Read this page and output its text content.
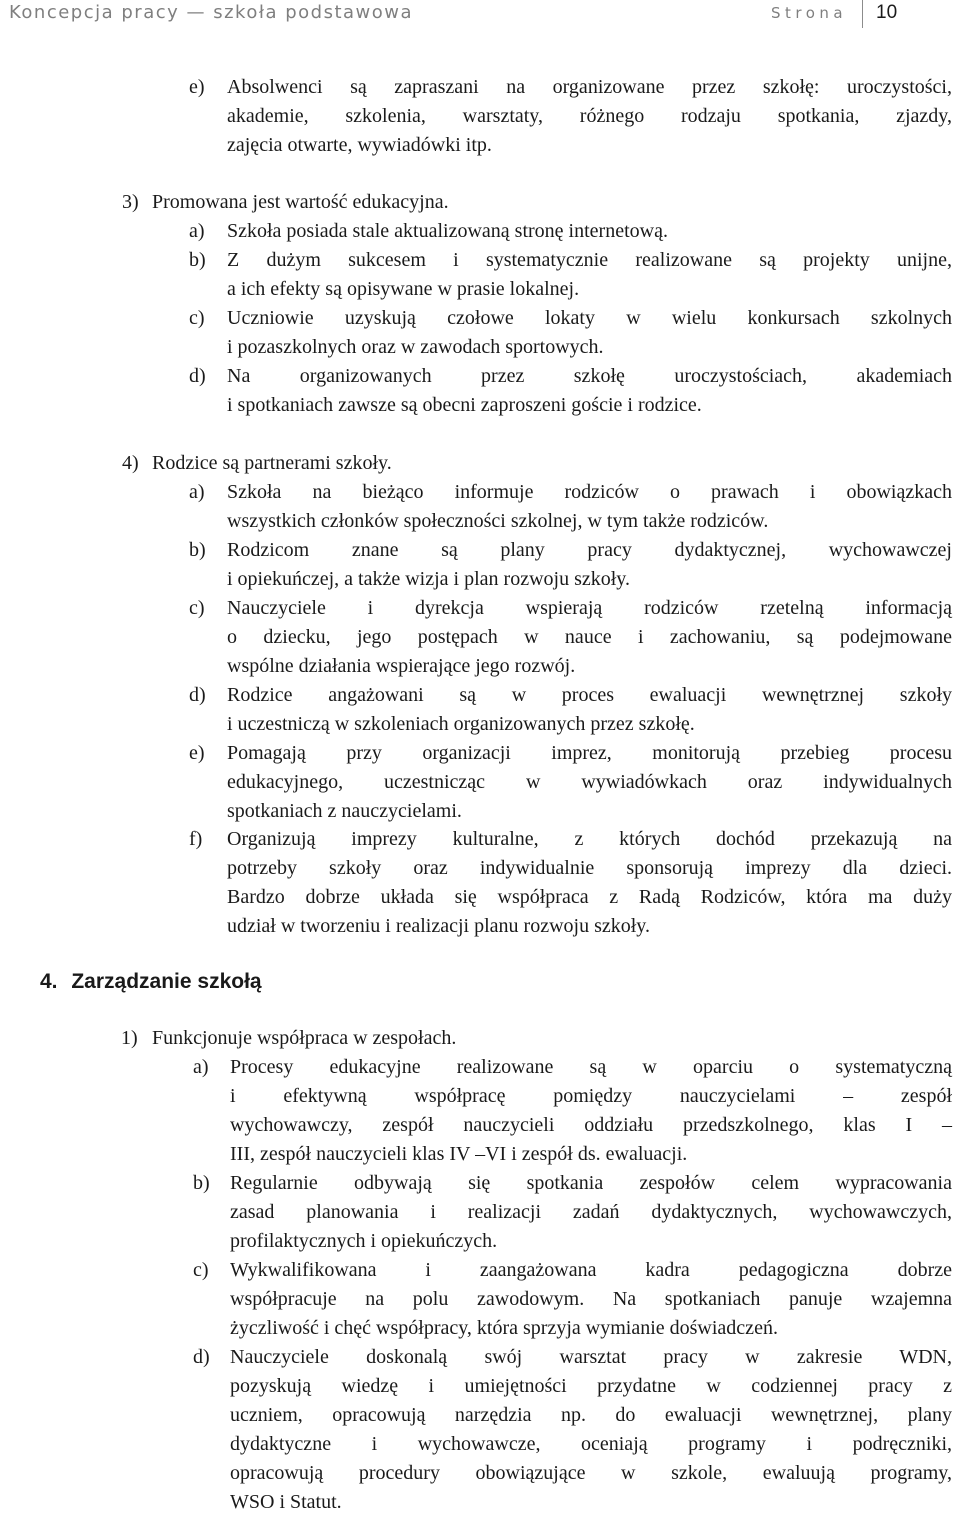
Koncepcja pracy — szkoła podstawowa	Strona 10
e) Absolwenci są zapraszani na organizowane przez szkołę: uroczystości,
akademie, szkolenia, warsztaty, różnego rodzaju spotkania, zjazdy,
zajęcia otwarte, wywiadówki itp.
3) Promowana jest wartość edukacyjna.
a) Szkoła posiada stale aktualizowaną stronę internetową.
b) Z dużym sukcesem i systematycznie realizowane są projekty unijne,
a ich efekty są opisywane w prasie lokalnej.
c) Uczniowie uzyskują czołowe lokaty w wielu konkursach szkolnych
i pozaszkolnych oraz w zawodach sportowych.
d) Na organizowanych przez szkołę uroczystościach, akademiach
i spotkaniach zawsze są obecni zaproszeni goście i rodzice.
4) Rodzice są partnerami szkoły.
a) Szkoła na bieżąco informuje rodziców o prawach i obowiązkach
wszystkich członków społeczności szkolnej, w tym także rodziców.
b) Rodzicom znane są plany pracy dydaktycznej, wychowawczej
i opiekuńczej, a także wizja i plan rozwoju szkoły.
c) Nauczyciele i dyrekcja wspierają rodziców rzetelną informacją
o dziecku, jego postępach w nauce i zachowaniu, są podejmowane
wspólne działania wspierające jego rozwój.
d) Rodzice angażowani są w proces ewaluacji wewnętrznej szkoły
i uczestniczą w szkoleniach organizowanych przez szkołę.
e) Pomagają przy organizacji imprez, monitorują przebieg procesu
edukacyjnego, uczestnicząc w wywiadówkach oraz indywidualnych
spotkaniach z nauczycielami.
f) Organizują imprezy kulturalne, z których dochód przekazują na
potrzeby szkoły oraz indywidualnie sponsorują imprezy dla dzieci.
Bardzo dobrze układa się współpraca z Radą Rodziców, która ma duży
udział w tworzeniu i realizacji planu rozwoju szkoły.
4. Zarządzanie szkołą
1) Funkcjonuje współpraca w zespołach.
a) Procesy edukacyjne realizowane są w oparciu o systematyczną
i efektywną współpracę pomiędzy nauczycielami – zespół
wychowawczy, zespół nauczycieli oddziału przedszkolnego, klas I –
III, zespół nauczycieli klas IV –VI i zespół ds. ewaluacji.
b) Regularnie odbywają się spotkania zespołów celem wypracowania
zasad planowania i realizacji zadań dydaktycznych, wychowawczych,
profilaktycznych i opiekuńczych.
c) Wykwalifikowana i zaangażowana kadra pedagogiczna dobrze
współpracuje na polu zawodowym. Na spotkaniach panuje wzajemna
życzliwość i chęć współpracy, która sprzyja wymianie doświadczeń.
d) Nauczyciele doskonalą swój warsztat pracy w zakresie WDN,
pozyskują wiedzę i umiejętności przydatne w codziennej pracy z
uczniem, opracowują narzędzia np. do ewaluacji wewnętrznej, plany
dydaktyczne i wychowawcze, oceniają programy i podręczniki,
opracowują procedury obowiązujące w szkole, ewaluują programy,
WSO i Statut.
